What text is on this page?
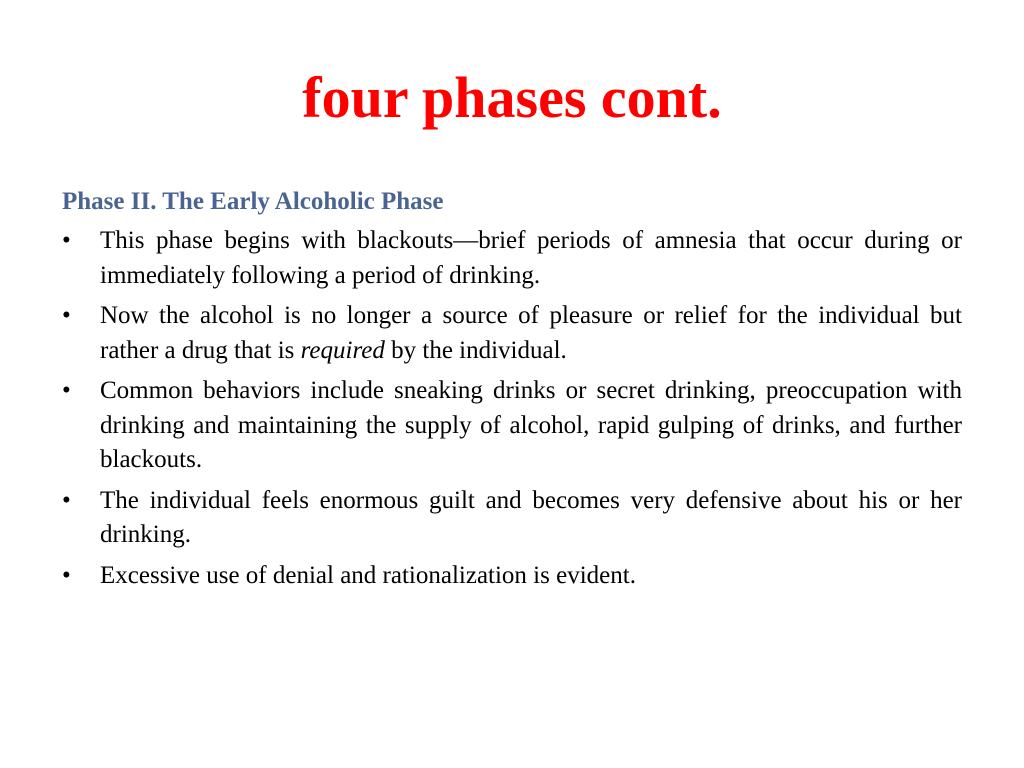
four phases cont.
Phase II. The Early Alcoholic Phase
•	This phase begins with blackouts—brief periods of amnesia that occur during or immediately following a period of drinking.
•	Now the alcohol is no longer a source of pleasure or relief for the individual but rather a drug that is required by the individual.
•	Common behaviors include sneaking drinks or secret drinking, preoccupation with drinking and maintaining the supply of alcohol, rapid gulping of drinks, and further blackouts.
•	The individual feels enormous guilt and becomes very defensive about his or her drinking.
•	Excessive use of denial and rationalization is evident.
